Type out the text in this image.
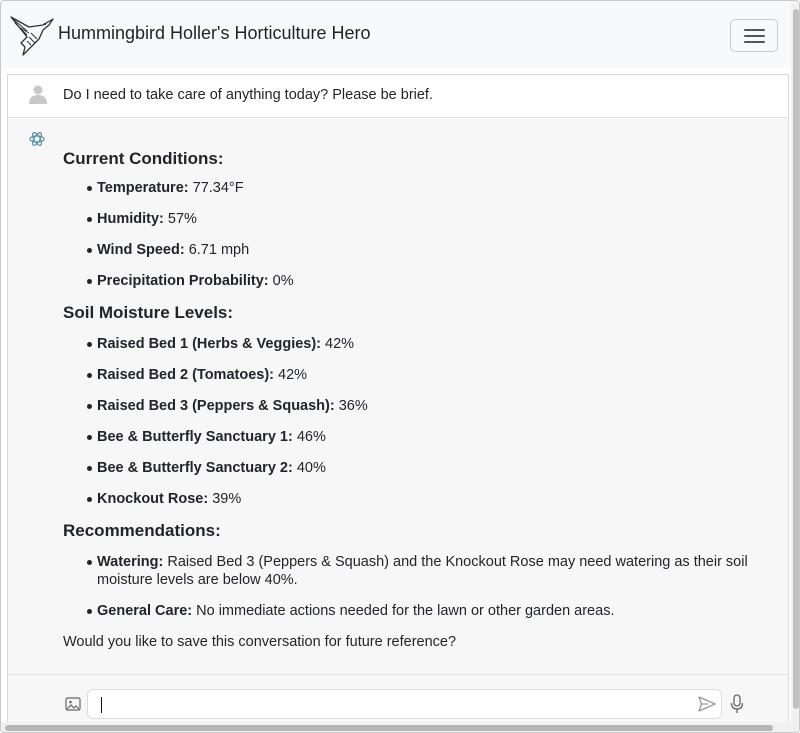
Hummingbird Holler's Horticulture Hero
Do I need to take care of anything today? Please be brief.
Current Conditions:
Temperature: 77.34°F
Humidity: 57%
Wind Speed: 6.71 mph
Precipitation Probability: 0%
Soil Moisture Levels:
Raised Bed 1 (Herbs & Veggies): 42%
Raised Bed 2 (Tomatoes): 42%
Raised Bed 3 (Peppers & Squash): 36%
Bee & Butterfly Sanctuary 1: 46%
Bee & Butterfly Sanctuary 2: 40%
Knockout Rose: 39%
Recommendations:
Watering: Raised Bed 3 (Peppers & Squash) and the Knockout Rose may need watering as their soil moisture levels are below 40%.
General Care: No immediate actions needed for the lawn or other garden areas.
Would you like to save this conversation for future reference?
